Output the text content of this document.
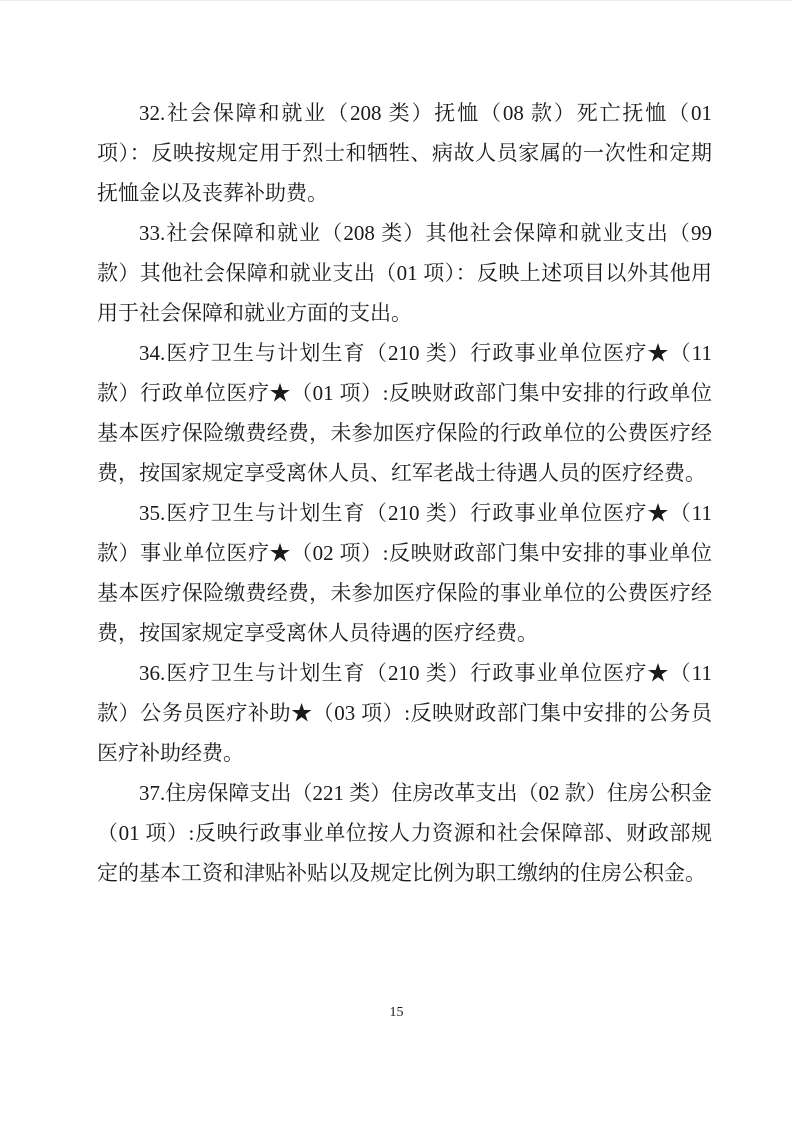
32.社会保障和就业（208 类）抚恤（08 款）死亡抚恤（01 项）：反映按规定用于烈士和牺牲、病故人员家属的一次性和定期抚恤金以及丧葬补助费。

33.社会保障和就业（208 类）其他社会保障和就业支出（99 款）其他社会保障和就业支出（01 项）：反映上述项目以外其他用用于社会保障和就业方面的支出。

34.医疗卫生与计划生育（210 类）行政事业单位医疗★（11 款）行政单位医疗★（01 项）:反映财政部门集中安排的行政单位基本医疗保险缴费经费，未参加医疗保险的行政单位的公费医疗经费，按国家规定享受离休人员、红军老战士待遇人员的医疗经费。

35.医疗卫生与计划生育（210 类）行政事业单位医疗★（11 款）事业单位医疗★（02 项）:反映财政部门集中安排的事业单位基本医疗保险缴费经费，未参加医疗保险的事业单位的公费医疗经费，按国家规定享受离休人员待遇的医疗经费。

36.医疗卫生与计划生育（210 类）行政事业单位医疗★（11 款）公务员医疗补助★（03 项）:反映财政部门集中安排的公务员医疗补助经费。

37.住房保障支出（221 类）住房改革支出（02 款）住房公积金（01 项）:反映行政事业单位按人力资源和社会保障部、财政部规定的基本工资和津贴补贴以及规定比例为职工缴纳的住房公积金。

15
